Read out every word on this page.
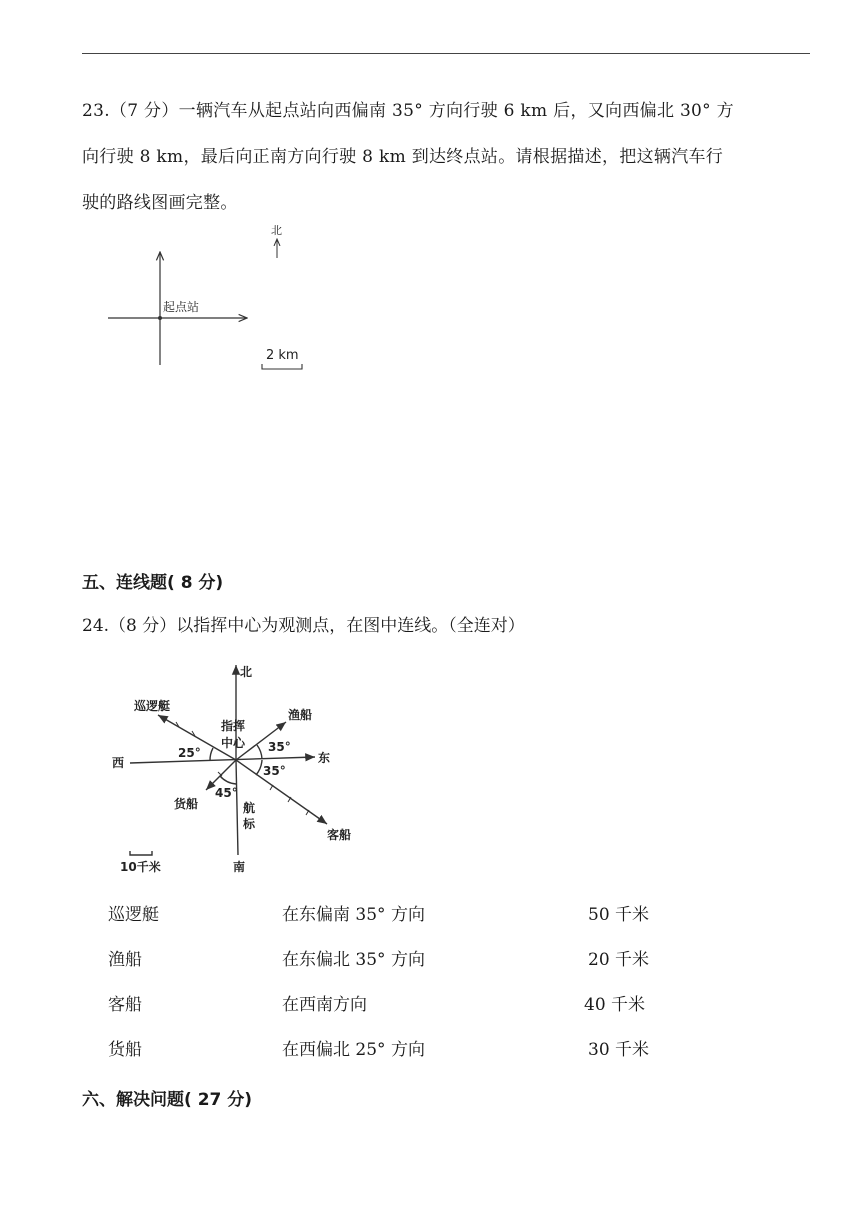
23.（7 分）一辆汽车从起点站向西偏南 35° 方向行驶 6 km 后，又向西偏北 30° 方

向行驶 8 km，最后向正南方向行驶 8 km 到达终点站。请根据描述，把这辆汽车行

驶的路线图画完整。

起点站
北
2 km
五、连线题( 8 分)
24.（8 分）以指挥中心为观测点，在图中连线。（全连对）
北
南
东
西
指挥
中心
巡逻艇
渔船
客船
货船	航
标
25°	35°
35°
45°
10千米
巡逻艇	在东偏南 35° 方向	50 千米
渔船	在东偏北 35° 方向	20 千米
客船	在西南方向	40 千米
货船	在西偏北 25° 方向	30 千米
六、解决问题( 27 分)
